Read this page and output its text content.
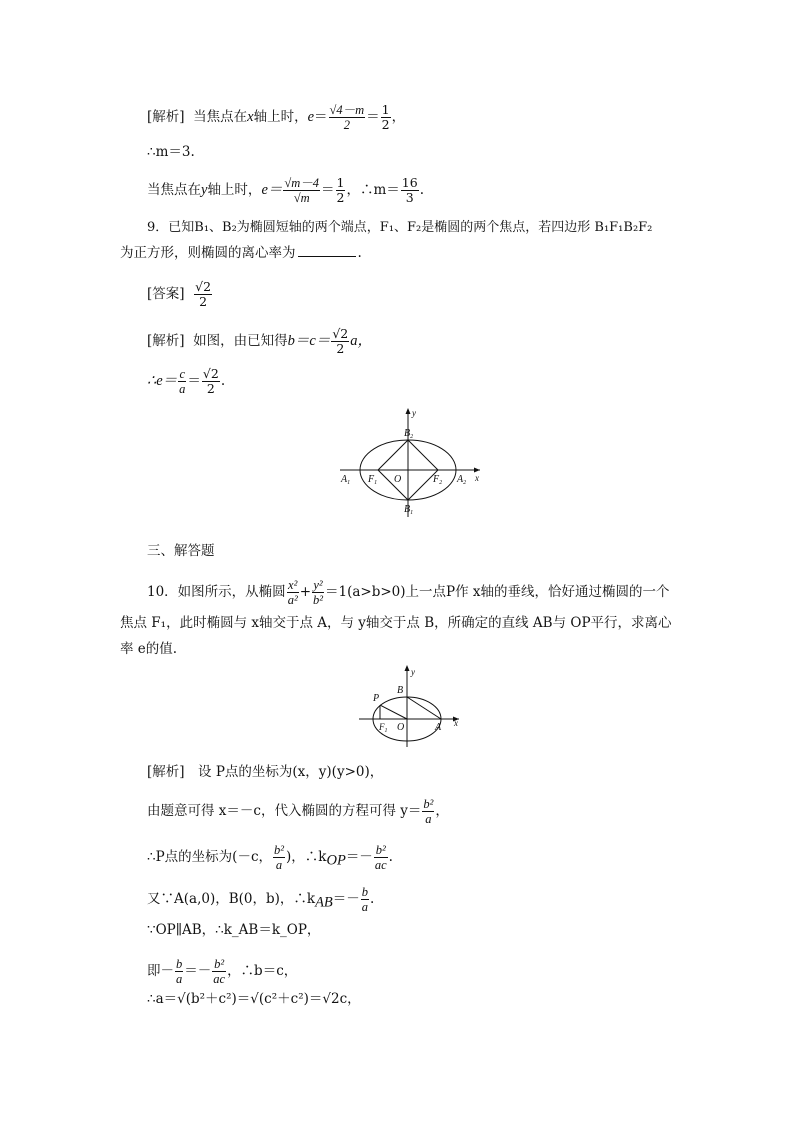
[解析] 当焦点在x轴上时，$e= \frac{√4-m}{2} = \frac{1}{2}$ ，
∴m＝3.
当焦点在y轴上时，$e= \frac{√m-4}{√m} = \frac{1}{2}$ ，∴m＝ $\frac{16}{3}$ .
9．已知B₁、B₂为椭圆短轴的两个端点，F₁、F₂是椭圆的两个焦点，若四边形 B₁F₁B₂F₂
为正方形，则椭圆的离心率为	.
[答案] $\frac{√2}{2}$
[解析] 如图，由已知得$b=c= \frac{√2}{2}$ a，
∴e＝ $\frac{c}{a} = \frac{√2}{2}$ .
y
x
$B_2$
$B_1$
$A_1$	$A_2$
$F_1$	$F_2$
O
三、解答题
10．如图所示，从椭圆 $\frac{\text{x²}}{\text{a²}} + \frac{\text{y²}}{\text{b²}} =1(a>b>0)$上一点P作 x轴的垂线，恰好通过椭圆的一个
焦点 F₁，此时椭圆与 x轴交于点 A，与 y轴交于点 B，所确定的直线 AB与 OP平行，求离心
率 e的值.
y
x
P
B
$F_1$ O	A
[解析]　设 P点的坐标为(x，y)(y>0)，
由题意可得 x＝－c，代入椭圆的方程可得 $y= \frac{\text{b²}}{a}$ ，
∴P点的坐标为(－c， $\frac{\text{b²}}{a}$ )，$\therefore k_{OP}=- \frac{\text{b²}}{ac}$ .
又∵A(a,0)，B(0，b)，$\therefore k_{AB}=- \frac{b}{a}$ .
∵OP∥AB，∴k_AB＝k_OP，
即－ $\frac{b}{a} =- \frac{\text{b²}}{ac}$ ，∴b＝c，
∴a＝√(b²＋c²)＝√(c²＋c²)＝√2c，
